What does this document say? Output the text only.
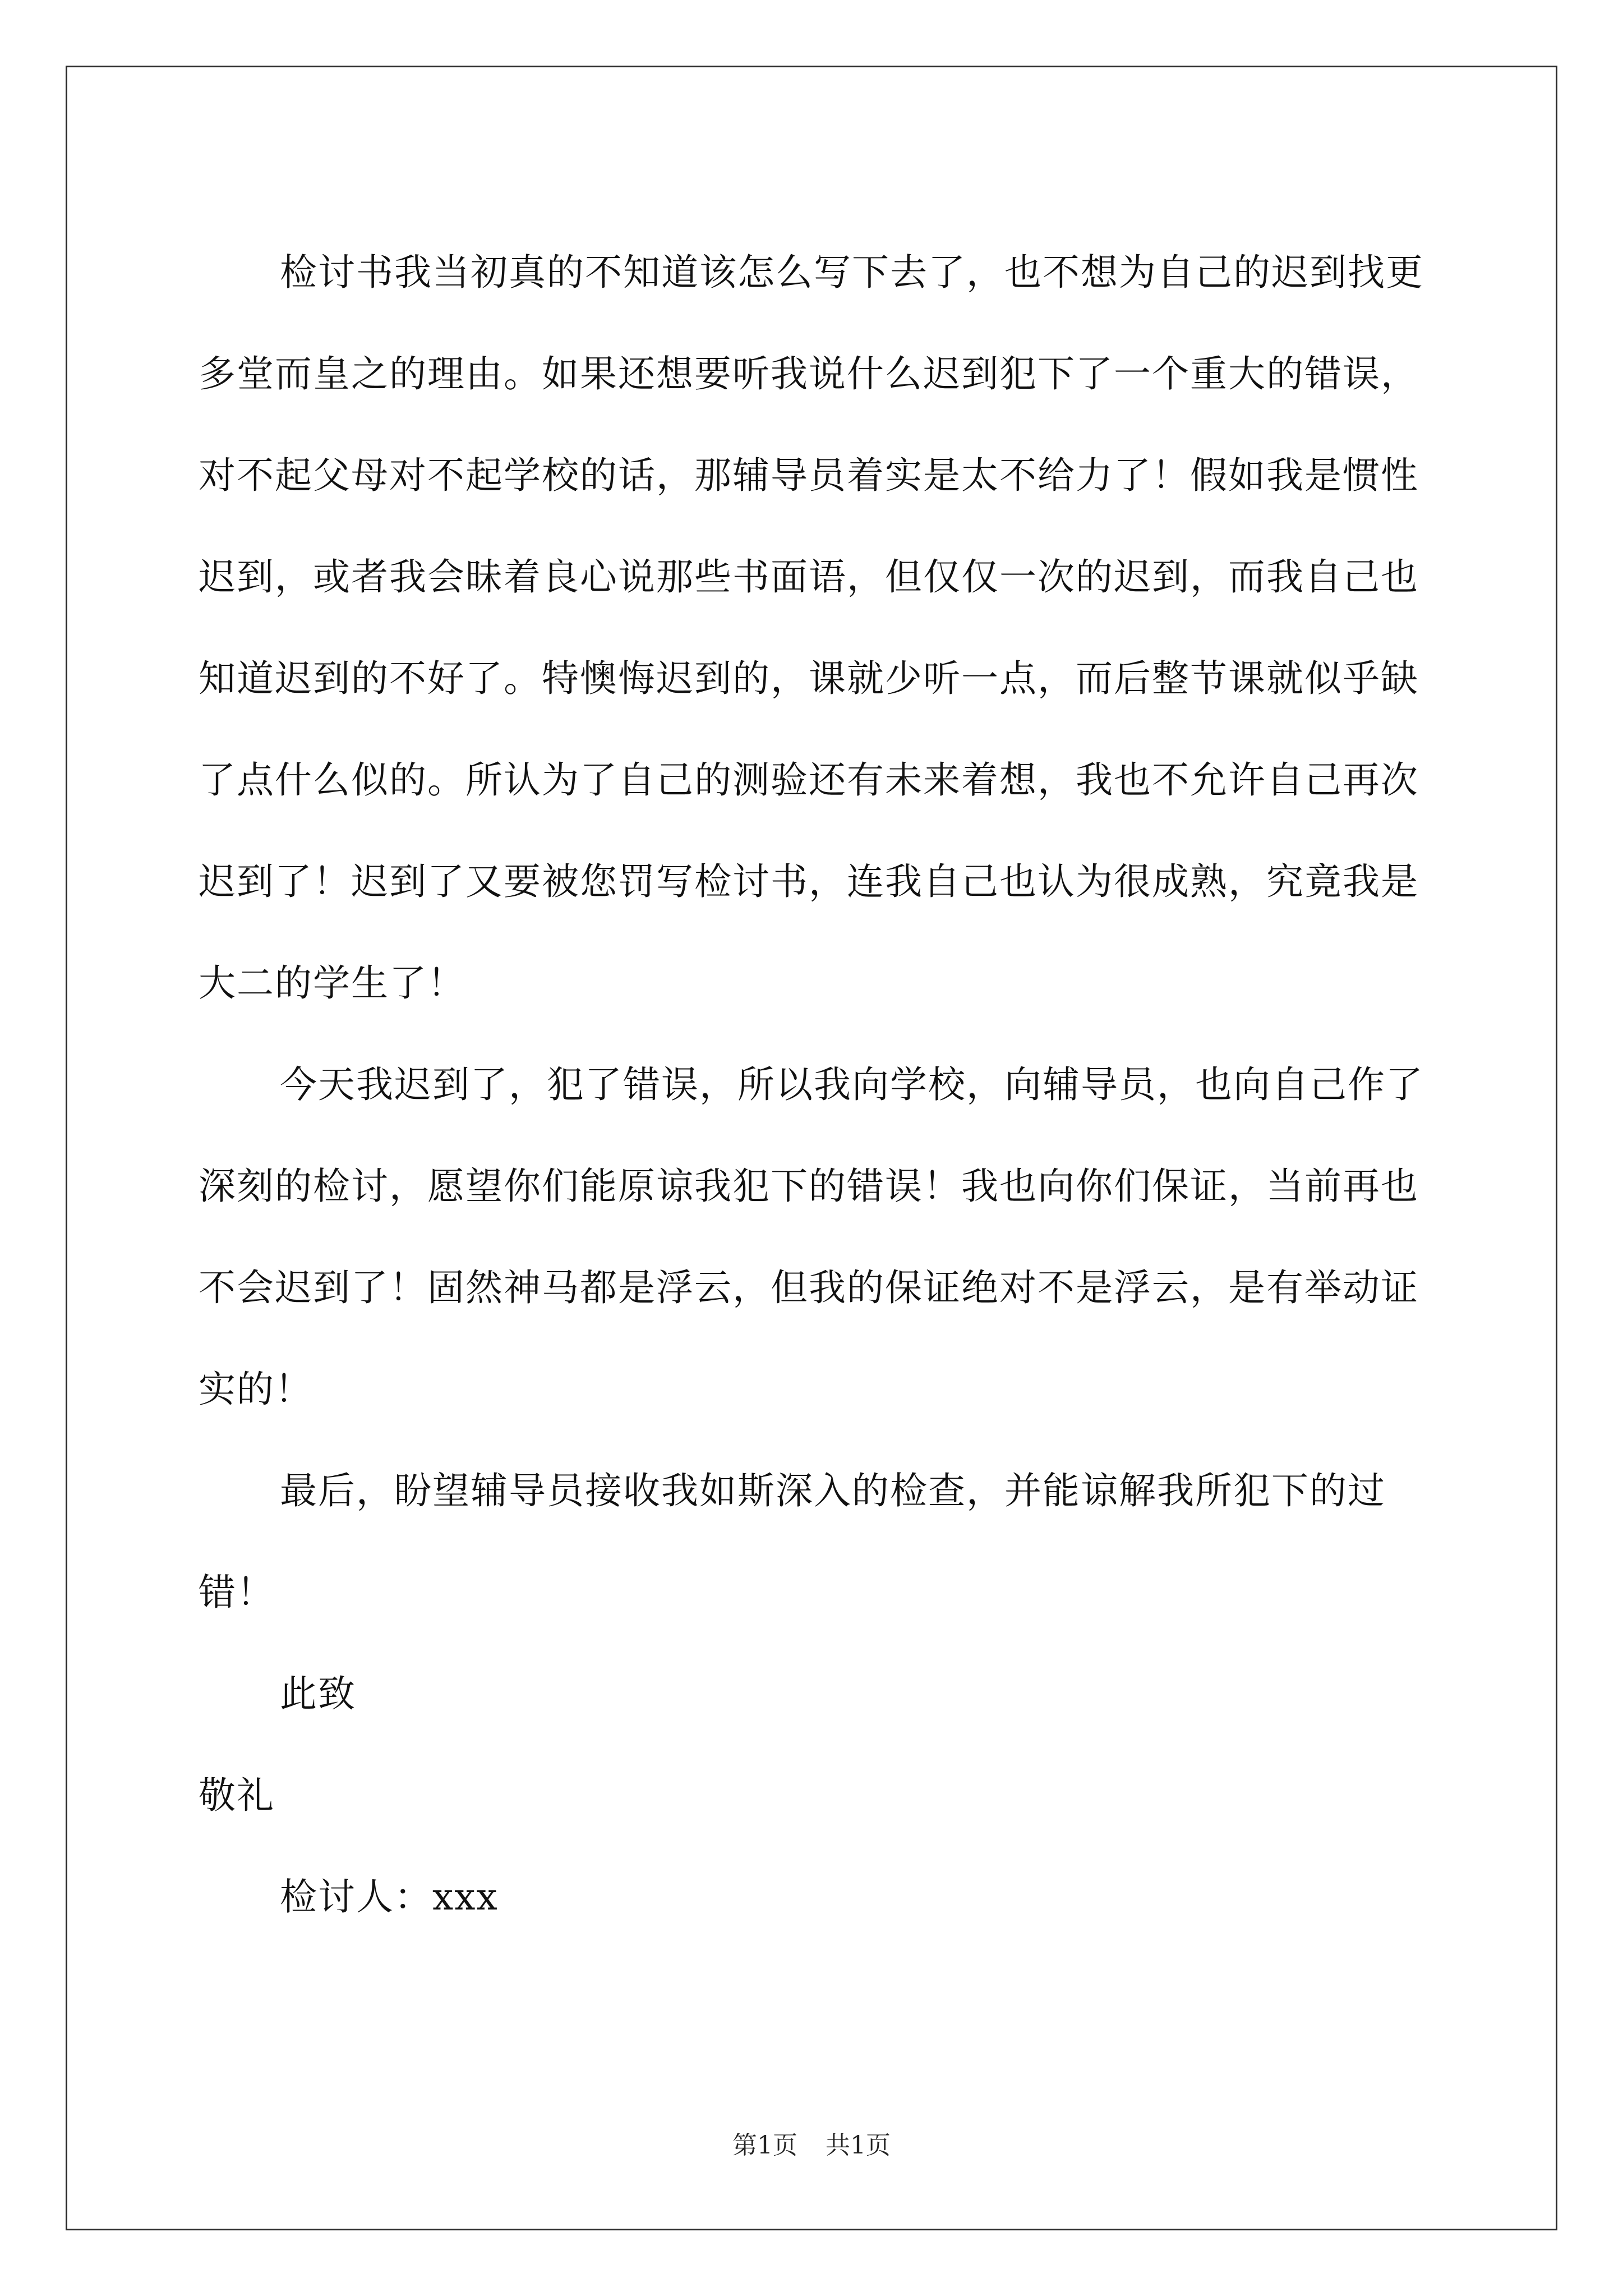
检讨书我当初真的不知道该怎么写下去了，也不想为自己的迟到找更多堂而皇之的理由。如果还想要听我说什么迟到犯下了一个重大的错误，对不起父母对不起学校的话，那辅导员着实是太不给力了！假如我是惯性迟到，或者我会昧着良心说那些书面语，但仅仅一次的迟到，而我自己也知道迟到的不好了。特懊悔迟到的，课就少听一点，而后整节课就似乎缺了点什么似的。所认为了自己的测验还有未来着想，我也不允许自己再次迟到了！迟到了又要被您罚写检讨书，连我自己也认为很成熟，究竟我是大二的学生了！

今天我迟到了，犯了错误，所以我向学校，向辅导员，也向自己作了深刻的检讨，愿望你们能原谅我犯下的错误！我也向你们保证，当前再也不会迟到了！固然神马都是浮云，但我的保证绝对不是浮云，是有举动证实的！

最后，盼望辅导员接收我如斯深入的检查，并能谅解我所犯下的过错！

此致

敬礼

检讨人：xxx

第1页 共1页
